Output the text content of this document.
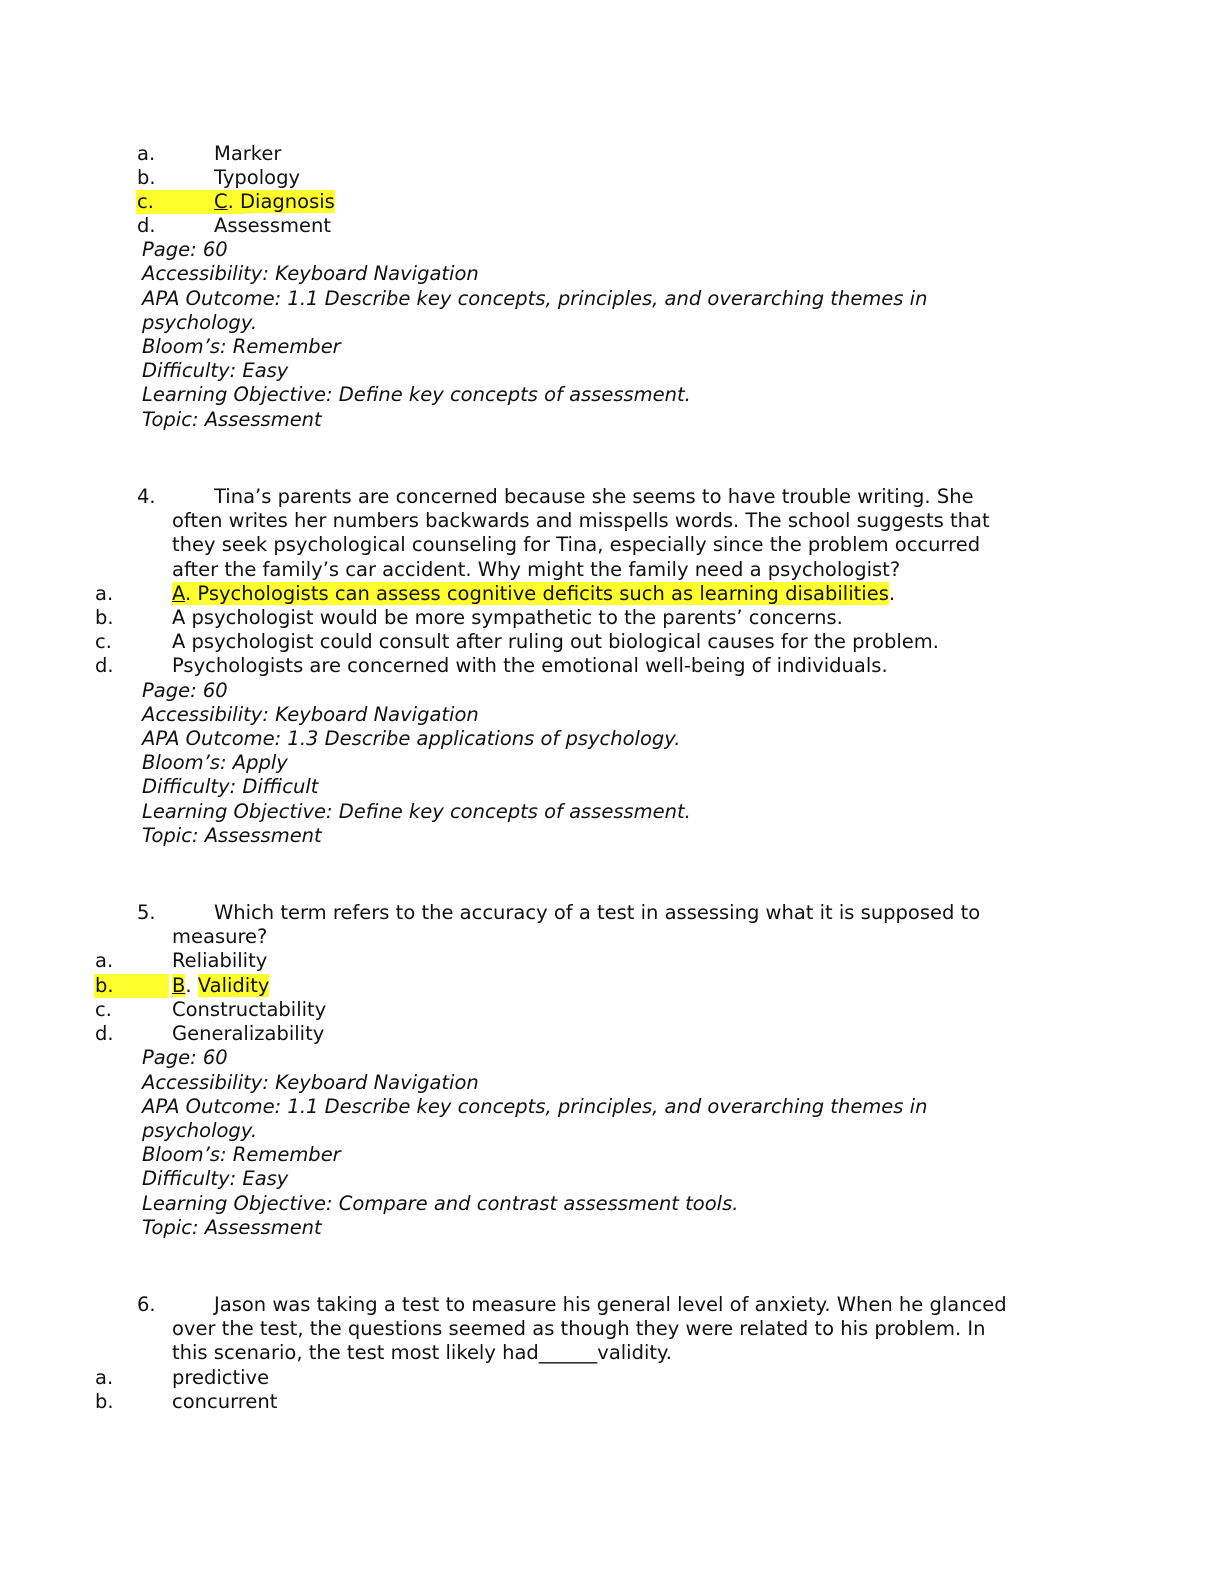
a.	Marker
b.	Typology
c.	C. Diagnosis
d.	Assessment
Page: 60
Accessibility: Keyboard Navigation
APA Outcome: 1.1 Describe key concepts, principles, and overarching themes in
psychology.
Bloom’s: Remember
Difficulty: Easy
Learning Objective: Define key concepts of assessment.
Topic: Assessment
4.	Tina’s parents are concerned because she seems to have trouble writing. She
often writes her numbers backwards and misspells words. The school suggests that
they seek psychological counseling for Tina, especially since the problem occurred
after the family’s car accident. Why might the family need a psychologist?
a.	A. Psychologists can assess cognitive deficits such as learning disabilities.
b.	A psychologist would be more sympathetic to the parents’ concerns.
c.	A psychologist could consult after ruling out biological causes for the problem.
d.	Psychologists are concerned with the emotional well-being of individuals.
Page: 60
Accessibility: Keyboard Navigation
APA Outcome: 1.3 Describe applications of psychology.
Bloom’s: Apply
Difficulty: Difficult
Learning Objective: Define key concepts of assessment.
Topic: Assessment
5.	Which term refers to the accuracy of a test in assessing what it is supposed to
measure?
a.	Reliability
b.	B. Validity
c.	Constructability
d.	Generalizability
Page: 60
Accessibility: Keyboard Navigation
APA Outcome: 1.1 Describe key concepts, principles, and overarching themes in
psychology.
Bloom’s: Remember
Difficulty: Easy
Learning Objective: Compare and contrast assessment tools.
Topic: Assessment
6.	Jason was taking a test to measure his general level of anxiety. When he glanced
over the test, the questions seemed as though they were related to his problem. In
this scenario, the test most likely had______validity.
a.	predictive
b.	concurrent
